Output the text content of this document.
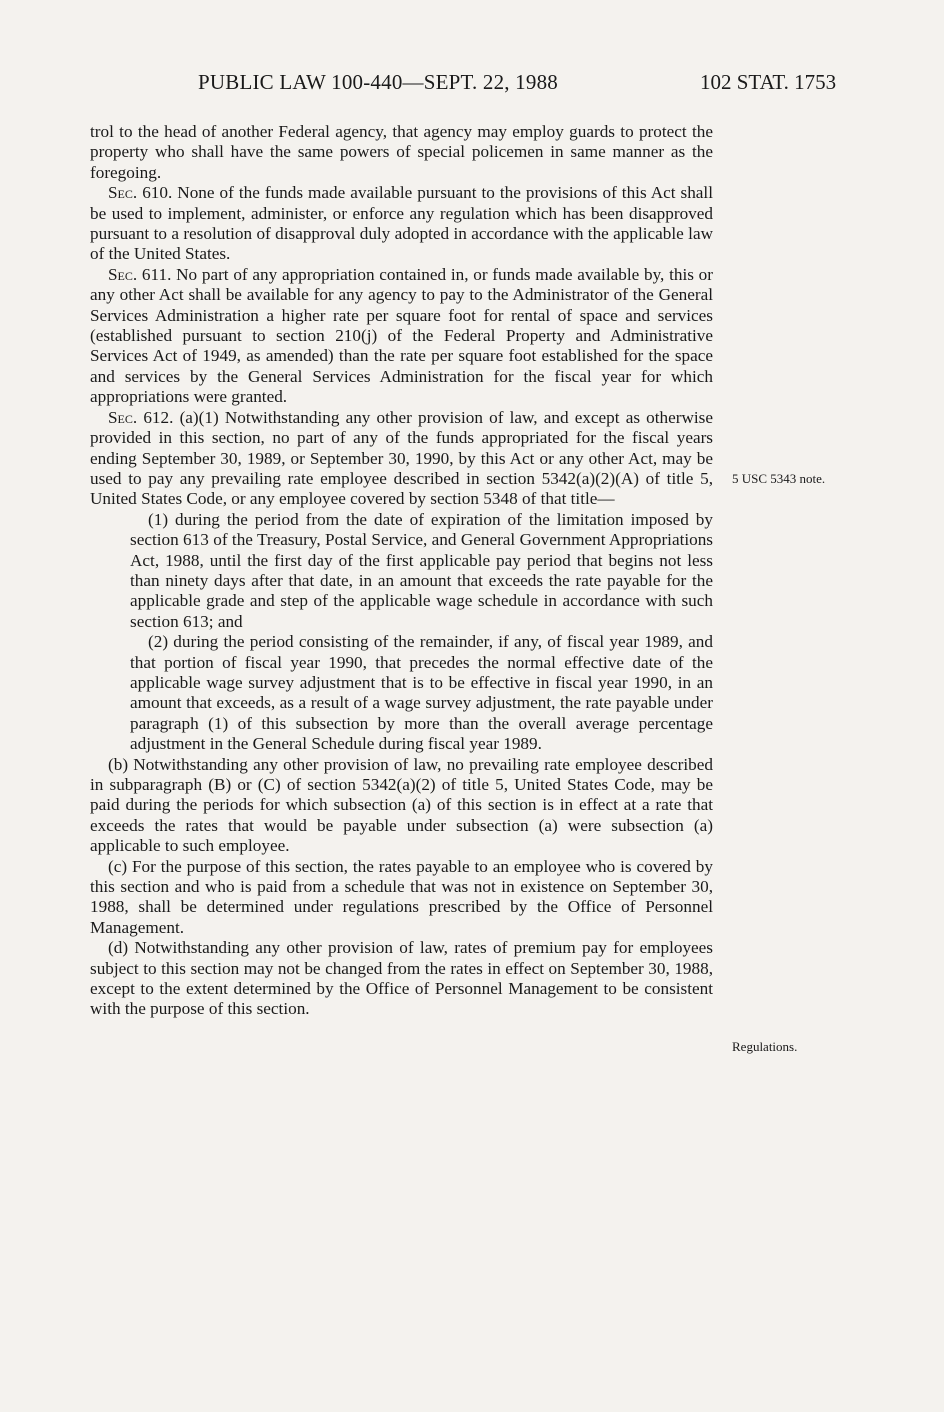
PUBLIC LAW 100-440—SEPT. 22, 1988	102 STAT. 1753
5 USC 5343 note.
Regulations.

trol to the head of another Federal agency, that agency may employ guards to protect the property who shall have the same powers of special policemen in same manner as the foregoing.

Sec. 610. None of the funds made available pursuant to the provisions of this Act shall be used to implement, administer, or enforce any regulation which has been disapproved pursuant to a resolution of disapproval duly adopted in accordance with the applicable law of the United States.

Sec. 611. No part of any appropriation contained in, or funds made available by, this or any other Act shall be available for any agency to pay to the Administrator of the General Services Administration a higher rate per square foot for rental of space and services (established pursuant to section 210(j) of the Federal Property and Administrative Services Act of 1949, as amended) than the rate per square foot established for the space and services by the General Services Administration for the fiscal year for which appropriations were granted.

Sec. 612. (a)(1) Notwithstanding any other provision of law, and except as otherwise provided in this section, no part of any of the funds appropriated for the fiscal years ending September 30, 1989, or September 30, 1990, by this Act or any other Act, may be used to pay any prevailing rate employee described in section 5342(a)(2)(A) of title 5, United States Code, or any employee covered by section 5348 of that title—

(1) during the period from the date of expiration of the limitation imposed by section 613 of the Treasury, Postal Service, and General Government Appropriations Act, 1988, until the first day of the first applicable pay period that begins not less than ninety days after that date, in an amount that exceeds the rate payable for the applicable grade and step of the applicable wage schedule in accordance with such section 613; and

(2) during the period consisting of the remainder, if any, of fiscal year 1989, and that portion of fiscal year 1990, that precedes the normal effective date of the applicable wage survey adjustment that is to be effective in fiscal year 1990, in an amount that exceeds, as a result of a wage survey adjustment, the rate payable under paragraph (1) of this subsection by more than the overall average percentage adjustment in the General Schedule during fiscal year 1989.

(b) Notwithstanding any other provision of law, no prevailing rate employee described in subparagraph (B) or (C) of section 5342(a)(2) of title 5, United States Code, may be paid during the periods for which subsection (a) of this section is in effect at a rate that exceeds the rates that would be payable under subsection (a) were subsection (a) applicable to such employee.

(c) For the purpose of this section, the rates payable to an employee who is covered by this section and who is paid from a schedule that was not in existence on September 30, 1988, shall be determined under regulations prescribed by the Office of Personnel Management.

(d) Notwithstanding any other provision of law, rates of premium pay for employees subject to this section may not be changed from the rates in effect on September 30, 1988, except to the extent determined by the Office of Personnel Management to be consistent with the purpose of this section.
